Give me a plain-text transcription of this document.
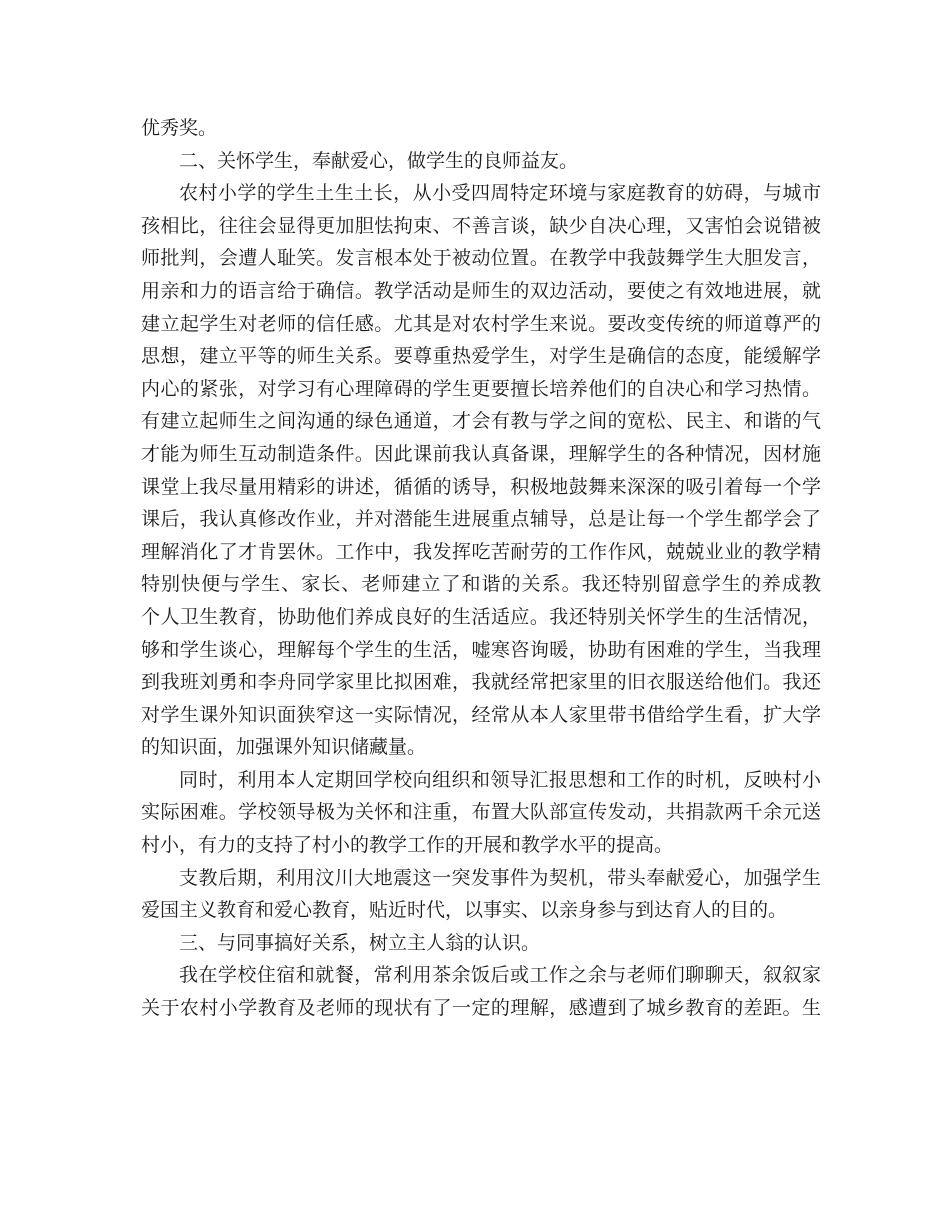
优秀奖。
二、关怀学生，奉献爱心，做学生的良师益友。
农村小学的学生土生土长，从小受四周特定环境与家庭教育的妨碍，与城市
孩相比，往往会显得更加胆怯拘束、不善言谈，缺少自决心理，又害怕会说错被
师批判，会遭人耻笑。发言根本处于被动位置。在教学中我鼓舞学生大胆发言，
用亲和力的语言给于确信。教学活动是师生的双边活动，要使之有效地进展，就
建立起学生对老师的信任感。尤其是对农村学生来说。要改变传统的师道尊严的
思想，建立平等的师生关系。要尊重热爱学生，对学生是确信的态度，能缓解学
内心的紧张，对学习有心理障碍的学生更要擅长培养他们的自决心和学习热情。
有建立起师生之间沟通的绿色通道，才会有教与学之间的宽松、民主、和谐的气
才能为师生互动制造条件。因此课前我认真备课，理解学生的各种情况，因材施
课堂上我尽量用精彩的讲述，循循的诱导，积极地鼓舞来深深的吸引着每一个学
课后，我认真修改作业，并对潜能生进展重点辅导，总是让每一个学生都学会了
理解消化了才肯罢休。工作中，我发挥吃苦耐劳的工作作风，兢兢业业的教学精
特别快便与学生、家长、老师建立了和谐的关系。我还特别留意学生的养成教
个人卫生教育，协助他们养成良好的生活适应。我还特别关怀学生的生活情况，
够和学生谈心，理解每个学生的生活，嘘寒咨询暖，协助有困难的学生，当我理
到我班刘勇和李舟同学家里比拟困难，我就经常把家里的旧衣服送给他们。我还
对学生课外知识面狭窄这一实际情况，经常从本人家里带书借给学生看，扩大学
的知识面，加强课外知识储藏量。
同时，利用本人定期回学校向组织和领导汇报思想和工作的时机，反映村小
实际困难。学校领导极为关怀和注重，布置大队部宣传发动，共捐款两千余元送
村小，有力的支持了村小的教学工作的开展和教学水平的提高。
支教后期，利用汶川大地震这一突发事件为契机，带头奉献爱心，加强学生
爱国主义教育和爱心教育，贴近时代，以事实、以亲身参与到达育人的目的。
三、与同事搞好关系，树立主人翁的认识。
我在学校住宿和就餐，常利用茶余饭后或工作之余与老师们聊聊天，叙叙家
关于农村小学教育及老师的现状有了一定的理解，感遭到了城乡教育的差距。生
